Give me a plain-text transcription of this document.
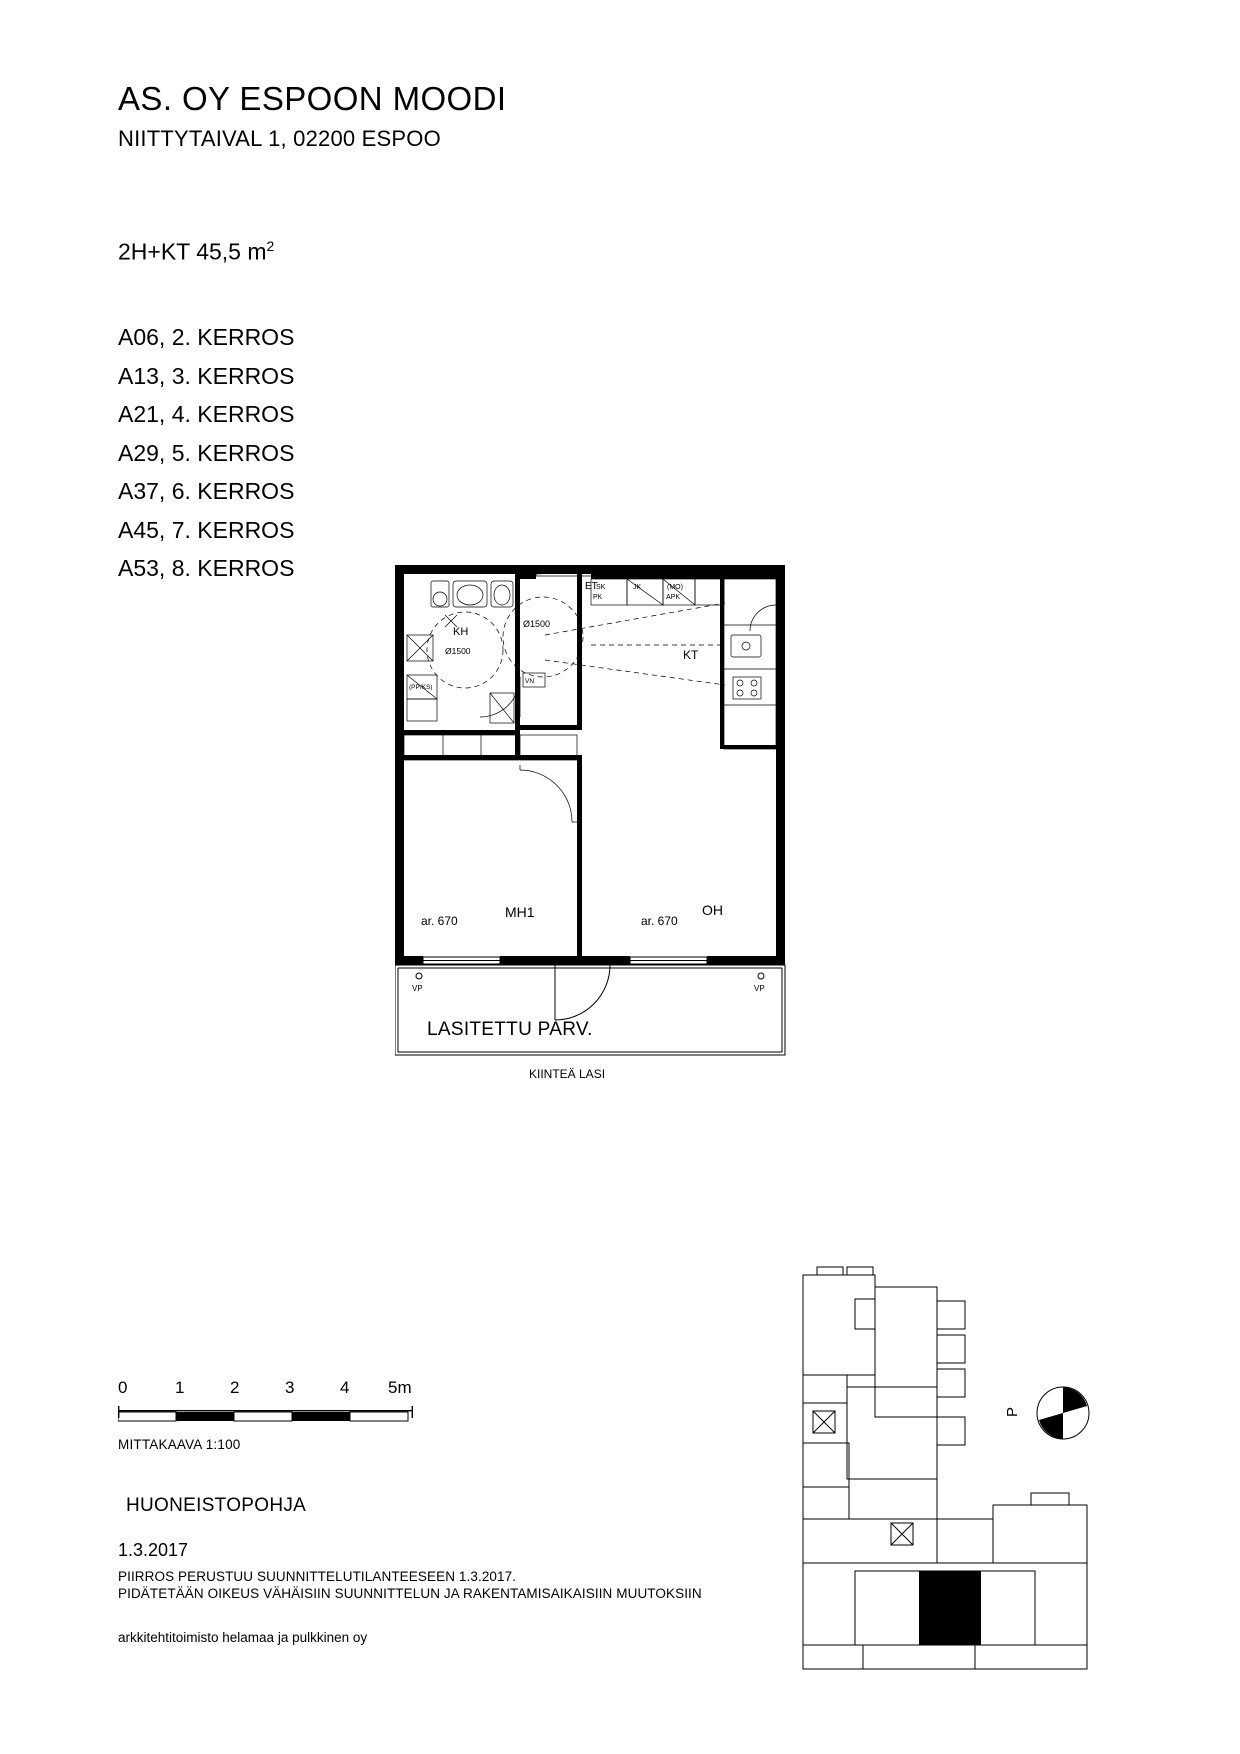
AS. OY ESPOON MOODI
NIITTYTAIVAL 1, 02200 ESPOO
2H+KT 45,5 $m^2$
A06, 2. KERROS
A13, 3. KERROS
A21, 4. KERROS
A29, 5. KERROS
A37, 6. KERROS
A45, 7. KERROS
A53, 8. KERROS
VP	VP
LASITETTU PARV.
KIINTEÄ LASI
KH
Ø1500
(PP/KS)
ET
Ø1500
VN
SK	JK	(MO)
APK
PK
KT
MH1	OH
ar. 670	ar. 670
0	1	2	3	4 5m
MITTAKAAVA 1:100
HUONEISTOPOHJA
1.3.2017
PIIRROS PERUSTUU SUUNNITTELUTILANTEESEEN 1.3.2017.
PIDÄTETÄÄN OIKEUS VÄHÄISIIN SUUNNITTELUN JA RAKENTAMISAIKAISIIN MUUTOKSIIN
arkkitehtitoimisto helamaa ja pulkkinen oy
P
